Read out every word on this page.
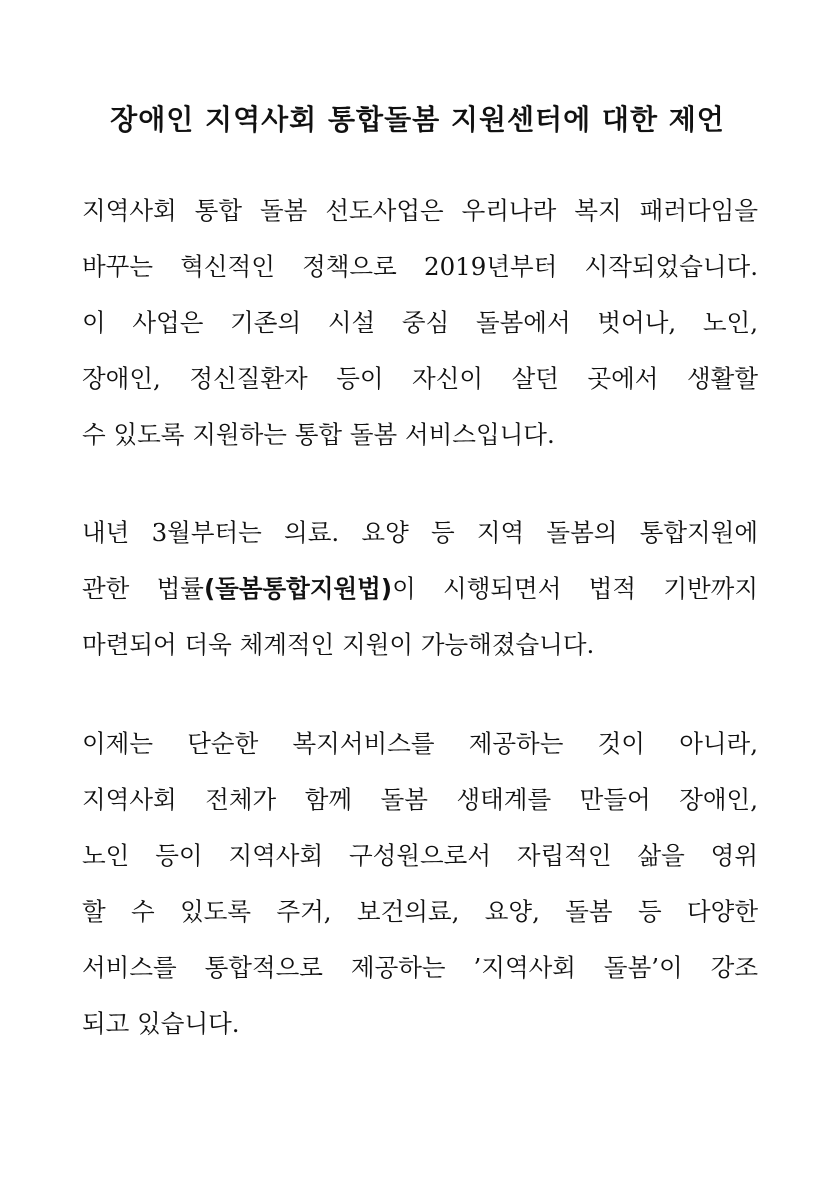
장애인 지역사회 통합돌봄 지원센터에 대한 제언
지역사회 통합 돌봄 선도사업은 우리나라 복지 패러다임을
바꾸는 혁신적인 정책으로 2019년부터 시작되었습니다.
이 사업은 기존의 시설 중심 돌봄에서 벗어나, 노인,
장애인, 정신질환자 등이 자신이 살던 곳에서 생활할
수 있도록 지원하는 통합 돌봄 서비스입니다.
내년 3월부터는 의료. 요양 등 지역 돌봄의 통합지원에
관한 법률(돌봄통합지원법)이 시행되면서 법적 기반까지
마련되어 더욱 체계적인 지원이 가능해졌습니다.
이제는 단순한 복지서비스를 제공하는 것이 아니라,
지역사회 전체가 함께 돌봄 생태계를 만들어 장애인,
노인 등이 지역사회 구성원으로서 자립적인 삶을 영위
할 수 있도록 주거, 보건의료, 요양, 돌봄 등 다양한
서비스를 통합적으로 제공하는 ’지역사회 돌봄’이 강조
되고 있습니다.
